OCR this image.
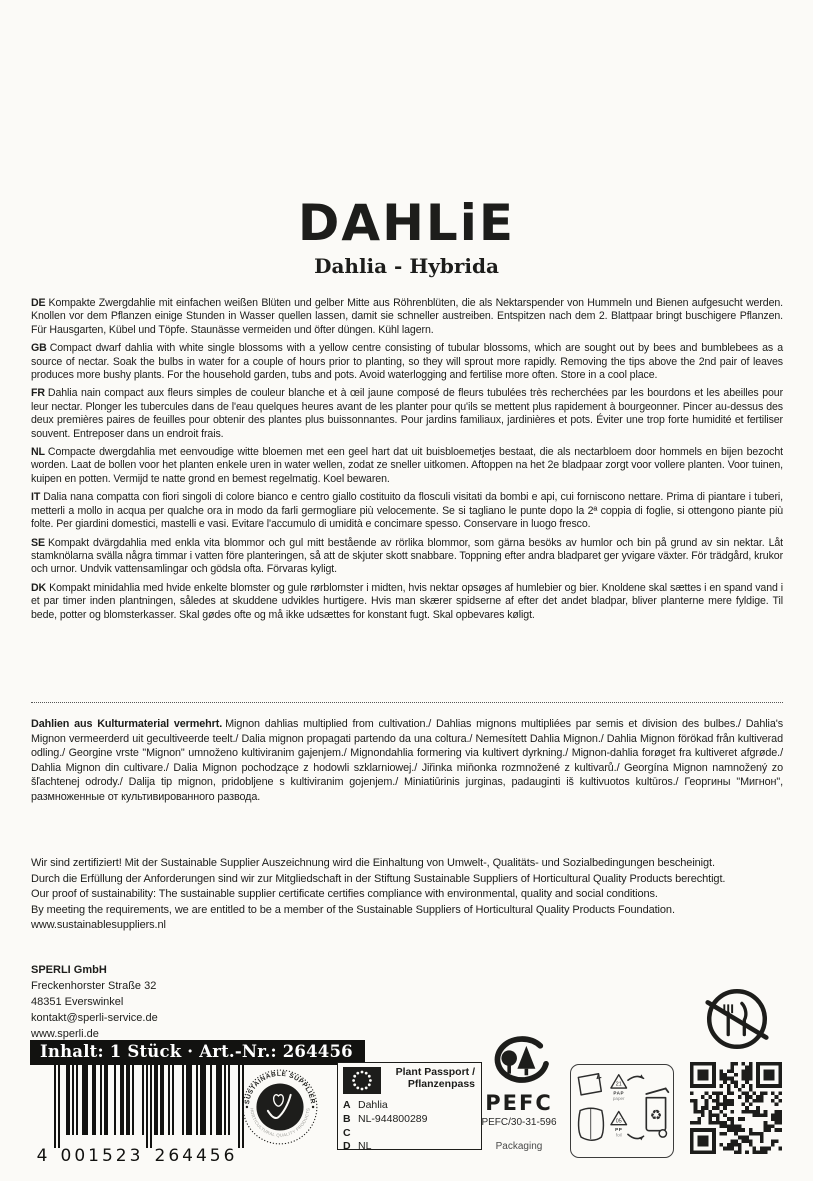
DAHLiE
Dahlia - Hybrida

DE Kompakte Zwergdahlie mit einfachen weißen Blüten und gelber Mitte aus Röhrenblüten, die als Nektarspender von Hummeln und Bienen aufgesucht werden. Knollen vor dem Pflanzen einige Stunden in Wasser quellen lassen, damit sie schneller austreiben. Entspitzen nach dem 2. Blattpaar bringt buschigere Pflanzen. Für Hausgarten, Kübel und Töpfe. Staunässe vermeiden und öfter düngen. Kühl lagern.

GB Compact dwarf dahlia with white single blossoms with a yellow centre consisting of tubular blossoms, which are sought out by bees and bumblebees as a source of nectar. Soak the bulbs in water for a couple of hours prior to planting, so they will sprout more rapidly. Removing the tips above the 2nd pair of leaves produces more bushy plants. For the household garden, tubs and pots. Avoid waterlogging and fertilise more often. Store in a cool place.

FR Dahlia nain compact aux fleurs simples de couleur blanche et à œil jaune composé de fleurs tubulées très recherchées par les bourdons et les abeilles pour leur nectar. Plonger les tubercules dans de l'eau quelques heures avant de les planter pour qu'ils se mettent plus rapidement à bourgeonner. Pincer au-dessus des deux premières paires de feuilles pour obtenir des plantes plus buissonnantes. Pour jardins familiaux, jardinières et pots. Éviter une trop forte humidité et fertiliser souvent. Entreposer dans un endroit frais.

NL Compacte dwergdahlia met eenvoudige witte bloemen met een geel hart dat uit buisbloemetjes bestaat, die als nectarbloem door hommels en bijen bezocht worden. Laat de bollen voor het planten enkele uren in water wellen, zodat ze sneller uitkomen. Aftoppen na het 2e bladpaar zorgt voor vollere planten. Voor tuinen, kuipen en potten. Vermijd te natte grond en bemest regelmatig. Koel bewaren.

IT Dalia nana compatta con fiori singoli di colore bianco e centro giallo costituito da flosculi visitati da bombi e api, cui forniscono nettare. Prima di piantare i tuberi, metterli a mollo in acqua per qualche ora in modo da farli germogliare più velocemente. Se si tagliano le punte dopo la 2ª coppia di foglie, si ottengono piante più folte. Per giardini domestici, mastelli e vasi. Evitare l'accumulo di umidità e concimare spesso. Conservare in luogo fresco.

SE Kompakt dvärgdahlia med enkla vita blommor och gul mitt bestående av rörlika blommor, som gärna besöks av humlor och bin på grund av sin nektar. Låt stamknölarna svälla några timmar i vatten före planteringen, så att de skjuter skott snabbare. Toppning efter andra bladparet ger yvigare växter. För trädgård, krukor och urnor. Undvik vattensamlingar och gödsla ofta. Förvaras kyligt.

DK Kompakt minidahlia med hvide enkelte blomster og gule rørblomster i midten, hvis nektar opsøges af humlebier og bier. Knoldene skal sættes i en spand vand i et par timer inden plantningen, således at skuddene udvikles hurtigere. Hvis man skærer spidserne af efter det andet bladpar, bliver planterne mere fyldige. Til bede, potter og blomsterkasser. Skal gødes ofte og må ikke udsættes for konstant fugt. Skal opbevares køligt.

Dahlien aus Kulturmaterial vermehrt. Mignon dahlias multiplied from cultivation./ Dahlias mignons multipliées par semis et division des bulbes./ Dahlia's Mignon vermeerderd uit gecultiveerde teelt./ Dalia mignon propagati partendo da una coltura./ Nemesített Dahlia Mignon./ Dahlia Mignon förökad från kultiverad odling./ Georgine vrste "Mignon" umnoženo kultiviranim gajenjem./ Mignondahlia formering via kultivert dyrkning./ Mignon-dahlia forøget fra kultiveret afgrøde./ Dahlia Mignon din cultivare./ Dalia Mignon pochodzące z hodowli szklarniowej./ Jiřinka miňonka rozmnožené z kultivarů./ Georgína Mignon namnožený zo šľachtenej odrody./ Dalija tip mignon, pridobljene s kultiviranim gojenjem./ Miniatiūrinis jurginas, padauginti iš kultivuotos kultūros./ Георгины "Мигнон", размноженные от культивированного развода.

Wir sind zertifiziert! Mit der Sustainable Supplier Auszeichnung wird die Einhaltung von Umwelt-, Qualitäts- und Sozialbedingungen bescheinigt.
Durch die Erfüllung der Anforderungen sind wir zur Mitgliedschaft in der Stiftung Sustainable Suppliers of Horticultural Quality Products berechtigt.
Our proof of sustainability: The sustainable supplier certificate certifies compliance with environmental, quality and social conditions.
By meeting the requirements, we are entitled to be a member of the Sustainable Suppliers of Horticultural Quality Products Foundation.
www.sustainablesuppliers.nl
SPERLI GmbH
Freckenhorster Straße 32
48351 Everswinkel
kontakt@sperli-service.de
www.sperli.de
Inhalt: 1 Stück · Art.-Nr.: 264456
4 001523 264456
SUSTAINABLE SUPPLIER
HORTICULTURAL QUALITY PRODUCTS
Plant Passport /
Pflanzenpass
A Dahlia
B NL-944800289
C
D NL
PEFC
PEFC/30-31-596
Packaging
21
PAP
paper
05
PP
foil
♻
